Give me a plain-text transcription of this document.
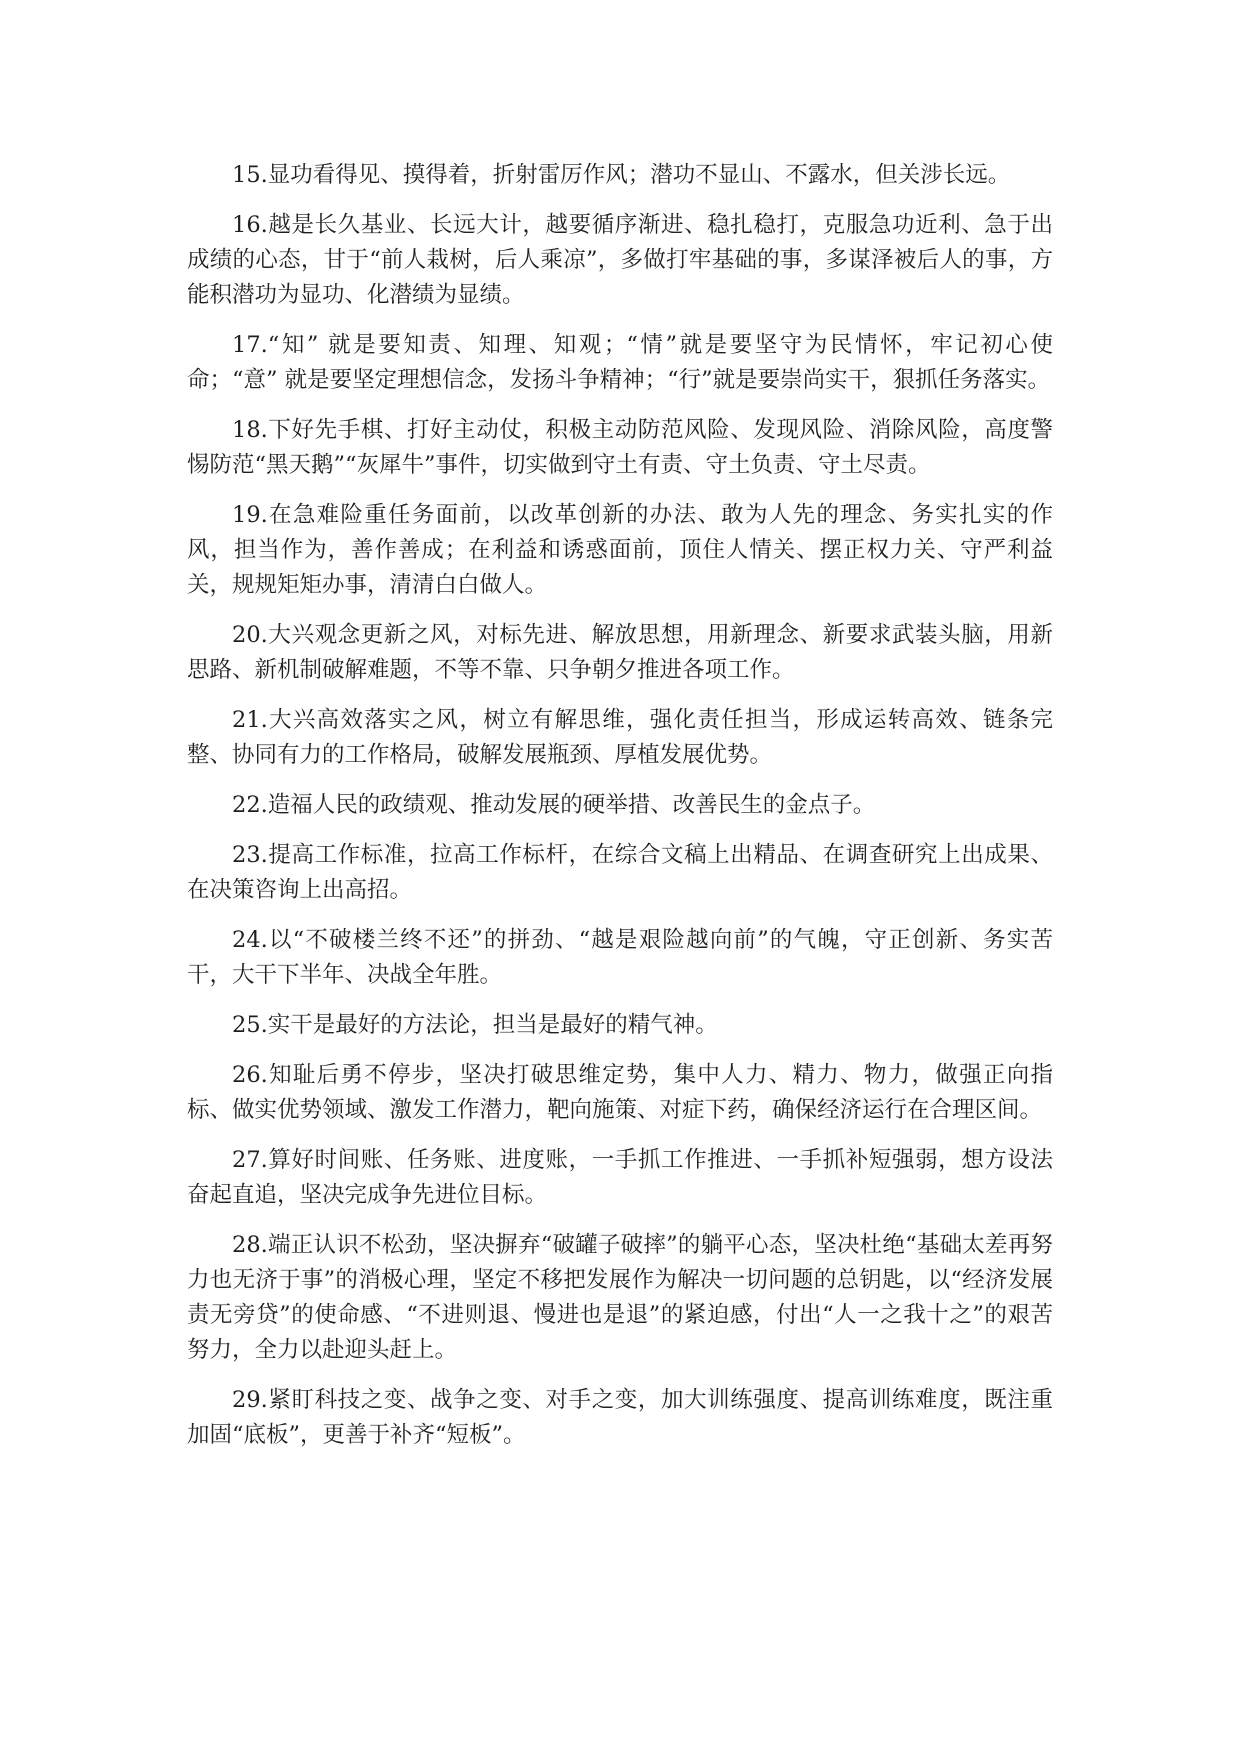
15.显功看得见、摸得着，折射雷厉作风；潜功不显山、不露水，但关涉长远。

16.越是长久基业、长远大计，越要循序渐进、稳扎稳打，克服急功近利、急于出成绩的心态，甘于“前人栽树，后人乘凉”，多做打牢基础的事，多谋泽被后人的事，方能积潜功为显功、化潜绩为显绩。

17.“知” 就是要知责、知理、知观；“情”就是要坚守为民情怀，牢记初心使命；“意” 就是要坚定理想信念，发扬斗争精神；“行”就是要崇尚实干，狠抓任务落实。

18.下好先手棋、打好主动仗，积极主动防范风险、发现风险、消除风险，高度警惕防范“黑天鹅”“灰犀牛”事件，切实做到守土有责、守土负责、守土尽责。

19.在急难险重任务面前，以改革创新的办法、敢为人先的理念、务实扎实的作风，担当作为，善作善成；在利益和诱惑面前，顶住人情关、摆正权力关、守严利益关，规规矩矩办事，清清白白做人。

20.大兴观念更新之风，对标先进、解放思想，用新理念、新要求武装头脑，用新思路、新机制破解难题，不等不靠、只争朝夕推进各项工作。

21.大兴高效落实之风，树立有解思维，强化责任担当，形成运转高效、链条完整、协同有力的工作格局，破解发展瓶颈、厚植发展优势。

22.造福人民的政绩观、推动发展的硬举措、改善民生的金点子。

23.提高工作标准，拉高工作标杆，在综合文稿上出精品、在调查研究上出成果、在决策咨询上出高招。

24.以“不破楼兰终不还”的拼劲、“越是艰险越向前”的气魄，守正创新、务实苦干，大干下半年、决战全年胜。

25.实干是最好的方法论，担当是最好的精气神。

26.知耻后勇不停步，坚决打破思维定势，集中人力、精力、物力，做强正向指标、做实优势领域、激发工作潜力，靶向施策、对症下药，确保经济运行在合理区间。

27.算好时间账、任务账、进度账，一手抓工作推进、一手抓补短强弱，想方设法奋起直追，坚决完成争先进位目标。

28.端正认识不松劲，坚决摒弃“破罐子破摔”的躺平心态，坚决杜绝“基础太差再努力也无济于事”的消极心理，坚定不移把发展作为解决一切问题的总钥匙，以“经济发展责无旁贷”的使命感、“不进则退、慢进也是退”的紧迫感，付出“人一之我十之”的艰苦努力，全力以赴迎头赶上。

29.紧盯科技之变、战争之变、对手之变，加大训练强度、提高训练难度，既注重加固“底板”，更善于补齐“短板”。
